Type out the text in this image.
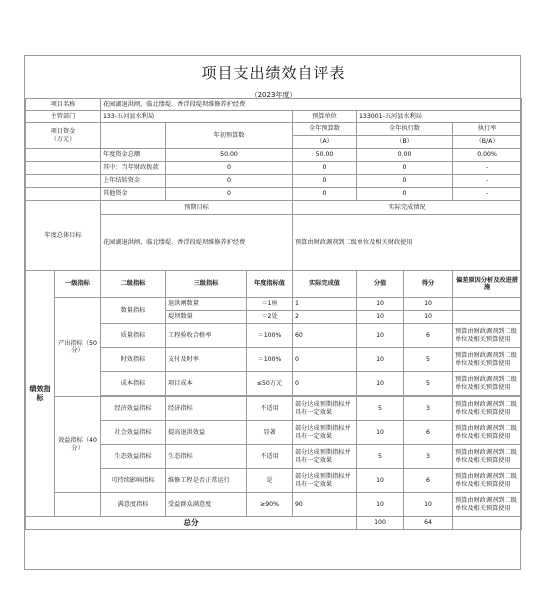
项目支出绩效自评表
（2023年度）
项目名称		花园湖退洪闸、临北缕堤、香浮段堤坝维修养护经费						
主管部门		133-五河县水利局			预算单位	133001-五河县水利局		
项目资金
（万元）			年初预算数		全年预算数	全年执行数		执行率
					（A）	（B）		（B/A）
		年度资金总额	50.00		50.00	0.00		0.00%
		其中：当年财政拨款	0		0	0		-
		上年结转资金	0		0	0		-
		其他资金	0		0	0		-
年度总体目标		预期目标			实际完成情况			
		花园湖退洪闸、临北缕堤、香浮段堤坝维修养护经费			预算由财政调剂到二级单位及相关财政使用			
绩效指标	一级指标	二级指标	三级指标	年度指标值	实际完成值	分值	得分	偏差原因分析及改进措施
	产出指标（50分）	数量指标	退洪闸数量	＝1座	1	10	10	
			堤坝数量	＝2处	2	10	10	
		质量指标	工程验收合格率	＝100%	60	10	6	预算由财政调剂到二级单位及相关预算使用
		时效指标	支付及时率	＝100%	0	10	5	预算由财政调剂到二级单位及相关预算使用
		成本指标	项目成本	≤50万元	0	10	5	预算由财政调剂到二级单位及相关预算使用

	效益指标（40分）	经济效益指标	经济指标	不适用	部分达成预期指标并具有一定效果	5	3	预算由财政调剂到二级单位及相关预算使用
		社会效益指标	提高退洪效益	显著	部分达成预期指标并具有一定效果	10	6	预算由财政调剂到二级单位及相关预算使用
		生态效益指标	生态指标	不适用	部分达成预期指标并具有一定效果	5	3	预算由财政调剂到二级单位及相关预算使用
		可持续影响指标	维修工程是否正常运行	是	部分达成预期指标并具有一定效果	10	6	预算由财政调剂到二级单位及相关预算使用
		满意度指标	受益群众满意度	≥90%	90	10	10	预算由财政调剂到二级单位及相关预算使用
总分						100	64	
